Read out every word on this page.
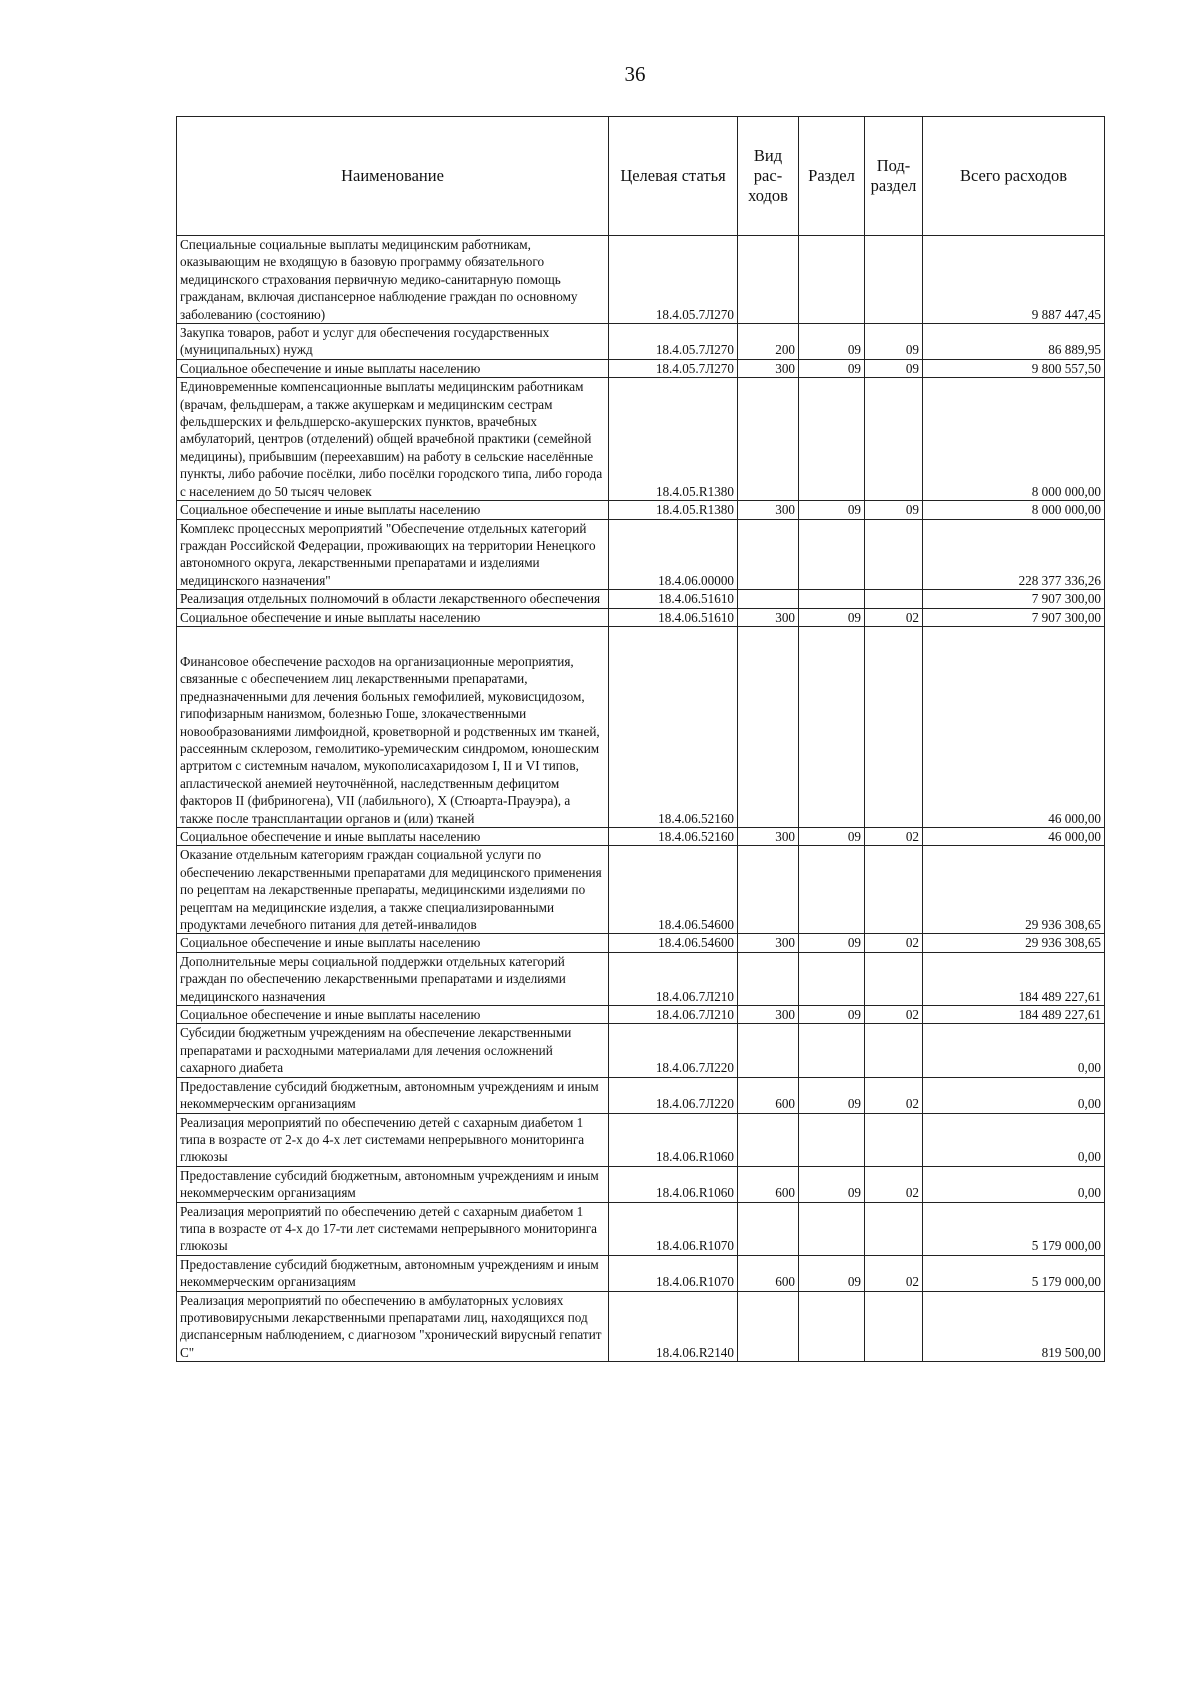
36
Наименование	Целевая статья	Вид рас-ходов	Раздел	Под-раздел	Всего расходов
Специальные социальные выплаты медицинским работникам, оказывающим не входящую в базовую программу обязательного медицинского страхования первичную медико-санитарную помощь гражданам, включая диспансерное наблюдение граждан по основному заболеванию (состоянию)	18.4.05.7Л270				9 887 447,45
Закупка товаров, работ и услуг для обеспечения государственных (муниципальных) нужд	18.4.05.7Л270	200	09	09	86 889,95
Социальное обеспечение и иные выплаты населению	18.4.05.7Л270	300	09	09	9 800 557,50
Единовременные компенсационные выплаты медицинским работникам (врачам, фельдшерам, а также акушеркам и медицинским сестрам фельдшерских и фельдшерско-акушерских пунктов, врачебных амбулаторий, центров (отделений) общей врачебной практики (семейной медицины), прибывшим (переехавшим) на работу в сельские населённые пункты, либо рабочие посёлки, либо посёлки городского типа, либо города с населением до 50 тысяч человек	18.4.05.R1380				8 000 000,00
Социальное обеспечение и иные выплаты населению	18.4.05.R1380	300	09	09	8 000 000,00
Комплекс процессных мероприятий "Обеспечение отдельных категорий граждан Российской Федерации, проживающих на территории Ненецкого автономного округа, лекарственными препаратами и изделиями медицинского назначения"	18.4.06.00000				228 377 336,26
Реализация отдельных полномочий в области лекарственного обеспечения	18.4.06.51610				7 907 300,00
Социальное обеспечение и иные выплаты населению	18.4.06.51610	300	09	02	7 907 300,00
Финансовое обеспечение расходов на организационные мероприятия, связанные с обеспечением лиц лекарственными препаратами, предназначенными для лечения больных гемофилией, муковисцидозом, гипофизарным нанизмом, болезнью Гоше, злокачественными новообразованиями лимфоидной, кроветворной и родственных им тканей, рассеянным склерозом, гемолитико-уремическим синдромом, юношеским артритом с системным началом, мукополисахаридозом I, II и VI типов, апластической анемией неуточнённой, наследственным дефицитом факторов II (фибриногена), VII (лабильного), X (Стюарта-Прауэра), а также после трансплантации органов и (или) тканей	18.4.06.52160				46 000,00
Социальное обеспечение и иные выплаты населению	18.4.06.52160	300	09	02	46 000,00
Оказание отдельным категориям граждан социальной услуги по обеспечению лекарственными препаратами для медицинского применения по рецептам на лекарственные препараты, медицинскими изделиями по рецептам на медицинские изделия, а также специализированными продуктами лечебного питания для детей-инвалидов	18.4.06.54600				29 936 308,65
Социальное обеспечение и иные выплаты населению	18.4.06.54600	300	09	02	29 936 308,65
Дополнительные меры социальной поддержки отдельных категорий граждан по обеспечению лекарственными препаратами и изделиями медицинского назначения	18.4.06.7Л210				184 489 227,61
Социальное обеспечение и иные выплаты населению	18.4.06.7Л210	300	09	02	184 489 227,61
Субсидии бюджетным учреждениям на обеспечение лекарственными препаратами и расходными материалами для лечения осложнений сахарного диабета	18.4.06.7Л220				0,00
Предоставление субсидий бюджетным, автономным учреждениям и иным некоммерческим организациям	18.4.06.7Л220	600	09	02	0,00
Реализация мероприятий по обеспечению детей с сахарным диабетом 1 типа в возрасте от 2-х до 4-х лет системами непрерывного мониторинга глюкозы	18.4.06.R1060				0,00
Предоставление субсидий бюджетным, автономным учреждениям и иным некоммерческим организациям	18.4.06.R1060	600	09	02	0,00
Реализация мероприятий по обеспечению детей с сахарным диабетом 1 типа в возрасте от 4-х до 17-ти лет системами непрерывного мониторинга глюкозы	18.4.06.R1070				5 179 000,00
Предоставление субсидий бюджетным, автономным учреждениям и иным некоммерческим организациям	18.4.06.R1070	600	09	02	5 179 000,00
Реализация мероприятий по обеспечению в амбулаторных условиях противовирусными лекарственными препаратами лиц, находящихся под диспансерным наблюдением, с диагнозом "хронический вирусный гепатит С"	18.4.06.R2140				819 500,00
